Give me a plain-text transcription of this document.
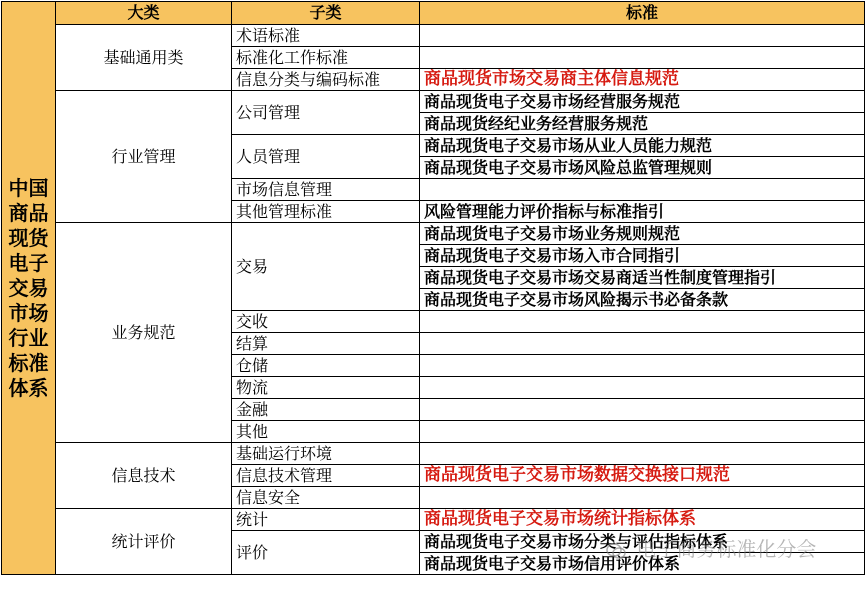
中国商品现货电子交易市场行业标准体系	大类	子类	标准
	基础通用类	术语标准	
		标准化工作标准	
		信息分类与编码标准	商品现货市场交易商主体信息规范
	行业管理	公司管理	商品现货电子交易市场经营服务规范
			商品现货经纪业务经营服务规范
		人员管理	商品现货电子交易市场从业人员能力规范
			商品现货电子交易市场风险总监管理规则
		市场信息管理	
		其他管理标准	风险管理能力评价指标与标准指引
	业务规范	交易	商品现货电子交易市场业务规则规范
			商品现货电子交易市场入市合同指引
			商品现货电子交易市场交易商适当性制度管理指引
			商品现货电子交易市场风险揭示书必备条款
		交收	
		结算	
		仓储	
		物流	
		金融	
		其他	
	信息技术	基础运行环境	
		信息技术管理	商品现货电子交易市场数据交换接口规范
		信息安全	
	统计评价	统计	商品现货电子交易市场统计指标体系
		评价	商品现货电子交易市场分类与评估指标体系
			商品现货电子交易市场信用评价体系
电子商务标准化分会
